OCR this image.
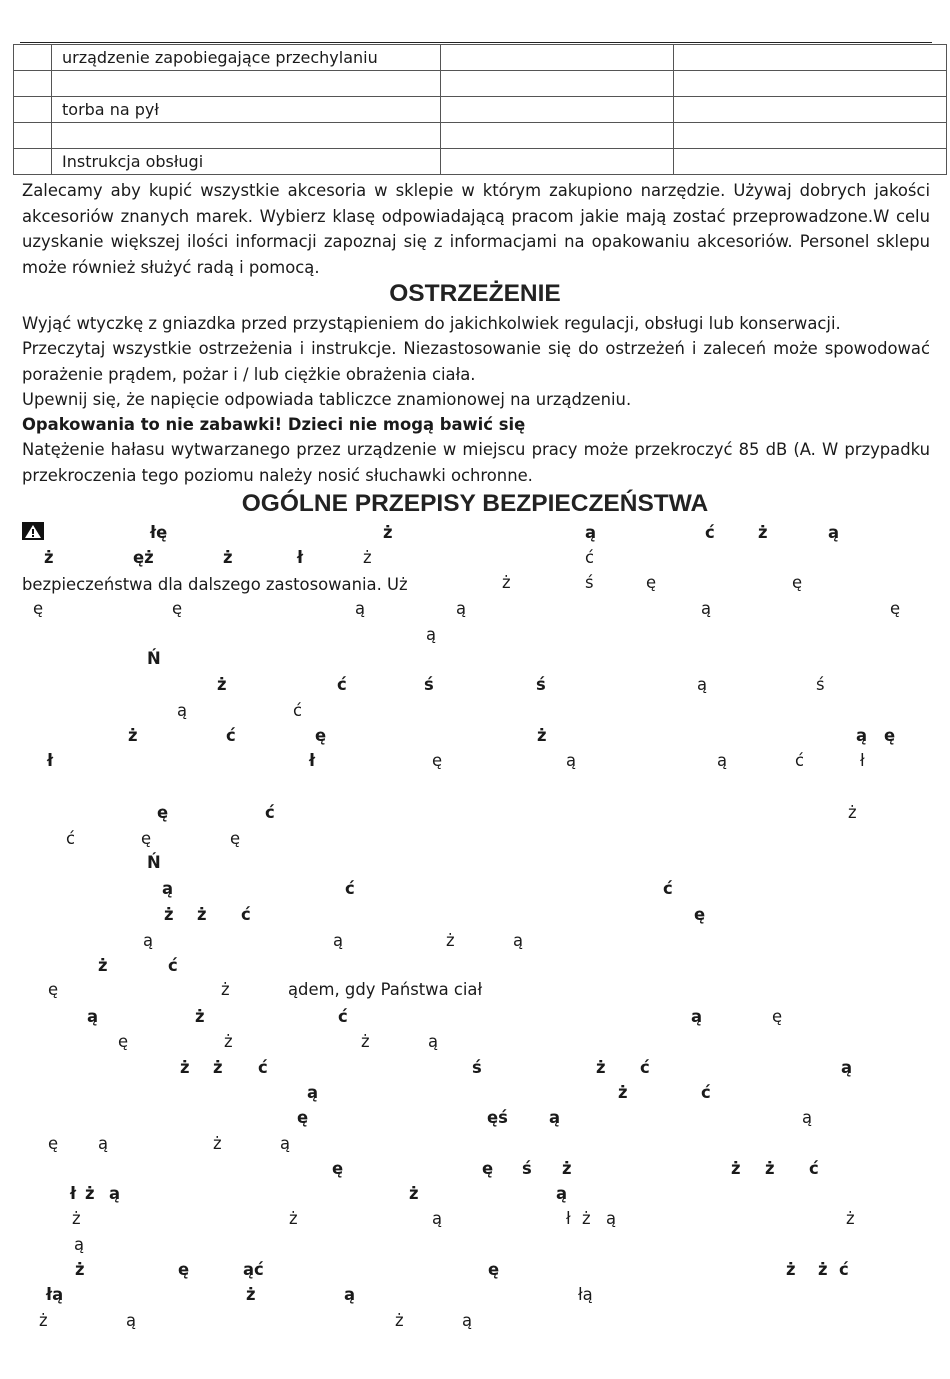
	urządzenie zapobiegające przechylaniu		

	torba na pył		

	Instrukcja obsługi		

Zalecamy aby kupić wszystkie akcesoria w sklepie w którym zakupiono narzędzie. Używaj dobrych jakości akcesoriów znanych marek. Wybierz klasę odpowiadającą pracom jakie mają zostać przeprowadzone.W celu uzyskanie większej ilości informacji zapoznaj się z informacjami na opakowaniu akcesoriów. Personel sklepu może również służyć radą i pomocą.

OSTRZEŻENIE

Wyjąć wtyczkę z gniazdka przed przystąpieniem do jakichkolwiek regulacji, obsługi lub konserwacji.

Przeczytaj wszystkie ostrzeżenia i instrukcje. Niezastosowanie się do ostrzeżeń i zaleceń może spowodować porażenie prądem, pożar i / lub ciężkie obrażenia ciała.

Upewnij się, że napięcie odpowiada tabliczce znamionowej na urządzeniu.

Opakowania to nie zabawki! Dzieci nie mogą bawić się

Natężenie hałasu wytwarzanego przez urządzenie w miejscu pracy może przekroczyć 85 dB (A. W przypadku przekroczenia tego poziomu należy nosić słuchawki ochronne.

OGÓLNE PRZEPISY BEZPIECZEŃSTWA
bezpieczeństwa dla dalszego zastosowania. Uż
ądem, gdy Państwa ciał
łę	ż	ą	ć	ż	ą
ż	ęż	ż	ł	ż	ć
ż	ś	ę	ę
ę	ę	ą	ą	ą	ę
ą
Ń
ż	ć	ś	ś	ą	ś
ą	ć
ż	ć	ę	ż	ą ę
ł	ł	ę	ą	ą	ć	ł
ę	ć	ż
ć	ę	ę
Ń
ą	ć	ć
ż ż ć	ę
ą	ą	ż	ą
ż	ć
ę	ż
ą	ż	ć	ą	ę
ę	ż	ż	ą
ż ż ć	ś	ż ć	ą
ą	ż	ć
ę	ęś	ą	ą
ę ą	ż	ą
ę	ę ś ż	ż ż ć
ł ż ą	ż	ą
ż	ż	ą	ł ż ą	ż
ą
ż	ę	ąć	ę	ż ż ć
łą	ż	ą	łą
ż	ą	ż	ą
